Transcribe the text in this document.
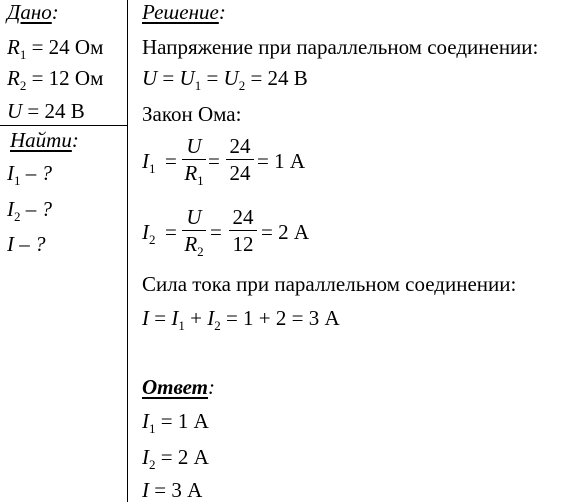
Дано:
$R_1 = 24$ Ом
$R_2 = 12$ Ом
U = 24 В
Найти:
$I_1$ – ?
$I_2$ – ?
I – ?
Решение:
Напряжение при параллельном соединении:
$U = U_1 = U_2 = 24$ В
Закон Ома:
$I_1$ =
U
$R_1$
=
24
24 = 1 А
$I_2$ =
U
$R_2$
=
24
12 = 2 А
Сила тока при параллельном соединении:
$I = I_1 + I_2 = 1 + 2 = 3$ А
Ответ:
$I_1 = 1$ А
$I_2 = 2$ А
I = 3 А
